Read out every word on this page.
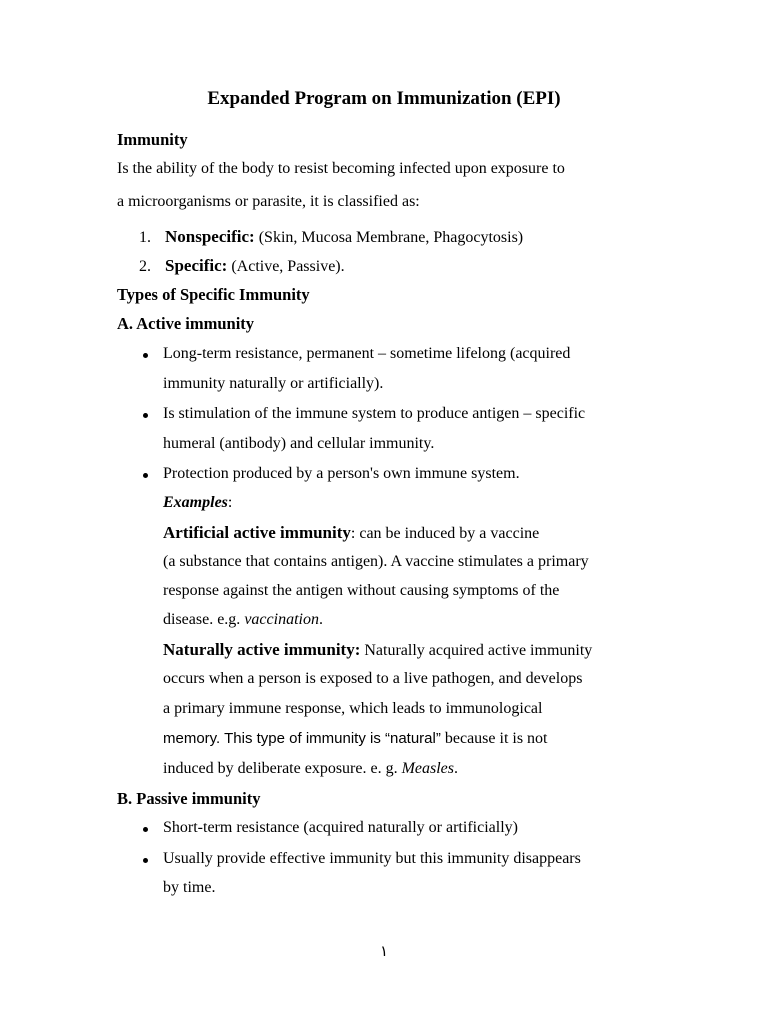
Expanded Program on Immunization (EPI)
Immunity
Is the ability of the body to resist becoming infected upon exposure to
a microorganisms or parasite, it is classified as:
1. Nonspecific: (Skin, Mucosa Membrane, Phagocytosis)
2. Specific: (Active, Passive).
Types of Specific Immunity
A. Active immunity
Long-term resistance, permanent – sometime lifelong (acquired
immunity naturally or artificially).
Is stimulation of the immune system to produce antigen – specific
humeral (antibody) and cellular immunity.
Protection produced by a person's own immune system.
Examples:
Artificial active immunity: can be induced by a vaccine
(a substance that contains antigen). A vaccine stimulates a primary
response against the antigen without causing symptoms of the
disease. e.g. vaccination.
Naturally active immunity: Naturally acquired active immunity
occurs when a person is exposed to a live pathogen, and develops
a primary immune response, which leads to immunological
memory. This type of immunity is “natural” because it is not
induced by deliberate exposure. e. g. Measles.
B. Passive immunity
Short-term resistance (acquired naturally or artificially)
Usually provide effective immunity but this immunity disappears
by time.
١
